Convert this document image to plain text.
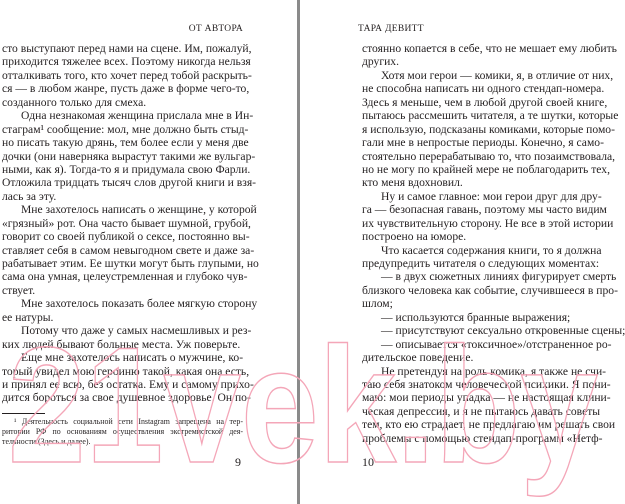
ОТ АВТОРА
сто выступают перед нами на сцене. Им, пожалуй,
приходится тяжелее всех. Поэтому никогда нельзя
отталкивать того, кто хочет перед тобой раскрыть-
ся — в любом жанре, пусть даже в форме чего-то,
созданного только для смеха.
Одна незнакомая женщина прислала мне в Ин-
стаграм¹ сообщение: мол, мне должно быть стыд-
но писать такую дрянь, тем более если у меня две
дочки (они наверняка вырастут такими же вульгар-
ными, как я). Тогда-то я и придумала свою Фарли.
Отложила тридцать тысяч слов другой книги и взя-
лась за эту.
Мне захотелось написать о женщине, у которой
«грязный» рот. Она часто бывает шумной, грубой,
говорит со своей публикой о сексе, постоянно вы-
ставляет себя в самом невыгодном свете и даже за-
рабатывает этим. Ее шутки могут быть глупыми, но
сама она умная, целеустремленная и глубоко чув-
ствует.
Мне захотелось показать более мягкую сторону
ее натуры.
Потому что даже у самых насмешливых и рез-
ких людей бывают больные места. Уж поверьте.
Еще мне захотелось написать о мужчине, ко-
торый увидел мою героиню такой, какая она есть,
и принял ее всю, без остатка. Ему и самому прихо-
дится бороться за свое душевное здоровье. Он по-
¹ Деятельность социальной сети Instagram запрещена на тер-
ритории РФ по основаниям осуществления экстремистской дея-
тельности (Здесь и далее).
9
ТАРА ДЕВИТТ
стоянно копается в себе, что не мешает ему любить
других.
Хотя мои герои — комики, я, в отличие от них,
не способна написать ни одного стендап-номера.
Здесь я меньше, чем в любой другой своей книге,
пытаюсь рассмешить читателя, а те шутки, которые
я использую, подсказаны комиками, которые помо-
гали мне в непростые периоды. Конечно, я само-
стоятельно перерабатываю то, что позаимствовала,
но не могу по крайней мере не поблагодарить тех,
кто меня вдохновил.
Ну и самое главное: мои герои друг для дру-
га — безопасная гавань, поэтому мы часто видим
их чувствительную сторону. Не все в этой истории
построено на юморе.
Что касается содержания книги, то я должна
предупредить читателя о следующих моментах:
— в двух сюжетных линиях фигурирует смерть
близкого человека как событие, случившееся в про-
шлом;
— используются бранные выражения;
— присутствуют сексуально откровенные сцены;
— описывается «токсичное»/отстраненное ро-
дительское поведение.
Не претендуя на роль комика, я также не счи-
таю себя знатоком человеческой психики. Я пони-
маю: мои периоды упадка — не настоящая клини-
ческая депрессия, и я не пытаюсь давать советы
тем, кто ею страдает, не предлагаю им решать свои
проблемы с помощью стендап-программ «Нетф-
10
21vek.by
